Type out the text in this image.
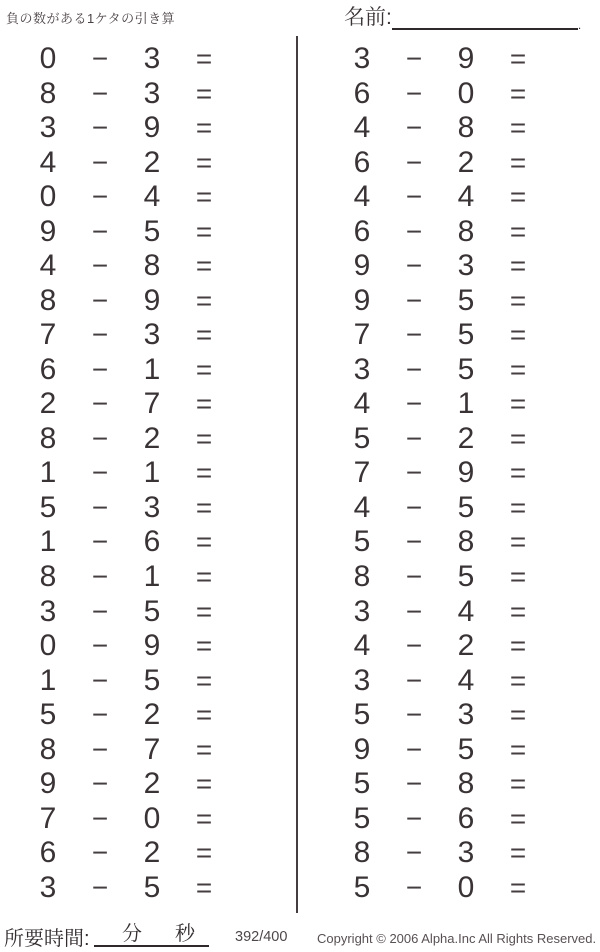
負の数がある1ケタの引き算	名前:	.
0	−	3	=
8	−	3	=
3	−	9	=
4	−	2	=
0	−	4	=
9	−	5	=
4	−	8	=
8	−	9	=
7	−	3	=
6	−	1	=
2	−	7	=
8	−	2	=
1	−	1	=
5	−	3	=
1	−	6	=
8	−	1	=
3	−	5	=
0	−	9	=
1	−	5	=
5	−	2	=
8	−	7	=
9	−	2	=
7	−	0	=
6	−	2	=
3	−	5	=
3	−	9	=
6	−	0	=
4	−	8	=
6	−	2	=
4	−	4	=
6	−	8	=
9	−	3	=
9	−	5	=
7	−	5	=
3	−	5	=
4	−	1	=
5	−	2	=
7	−	9	=
4	−	5	=
5	−	8	=
8	−	5	=
3	−	4	=
4	−	2	=
3	−	4	=
5	−	3	=
9	−	5	=
5	−	8	=
5	−	6	=
8	−	3	=
5	−	0	=
所要時間: 分 秒	392/400 Copyright © 2006 Alpha.Inc All Rights Reserved.
